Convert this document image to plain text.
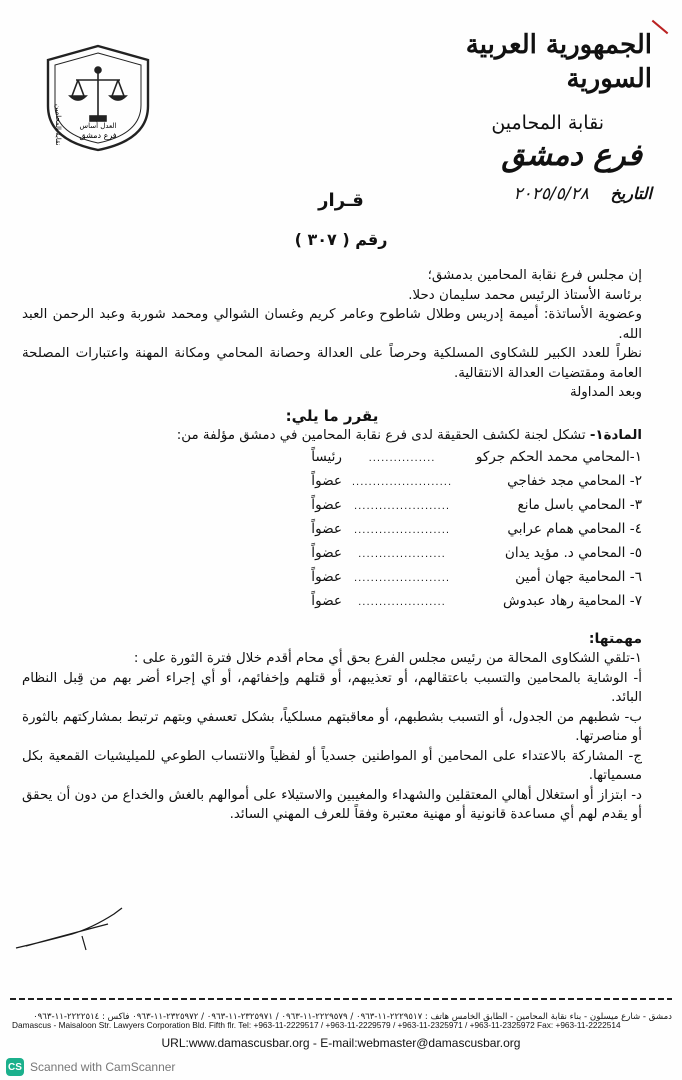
الجمهورية العربية السورية
نقابة المحامين
فرع دمشق
التاريخ    ٢٠٢٥/٥/٢٨
نقابة المحامين	العدل أساس
فرع دمشق
قـرار
رقم ( ٣٠٧ )

إن مجلس فرع نقابة المحامين بدمشق؛

برئاسة الأستاذ الرئيس محمد سليمان دحلا.

وعضوية الأساتذة: أميمة إدريس وطلال شاطوح وعامر كريم وغسان الشوالي ومحمد شوربة وعبد الرحمن العبد الله.

نظراً للعدد الكبير للشكاوى المسلكية وحرصاً على العدالة وحصانة المحامي ومكانة المهنة واعتبارات المصلحة العامة ومقتضيات العدالة الانتقالية.

وبعد المداولة

يقرر ما يلي:

المادة١- تشكل لجنة لكشف الحقيقة لدى فرع نقابة المحامين في دمشق مؤلفة من:

١-المحامي محمد الحكم جركو
................
رئيساً
٢- المحامي مجد خفاجي
........................
عضواً
٣- المحامي باسل مانع
.......................
عضواً
٤- المحامي همام عرابي
.......................
عضواً
٥- المحامي د. مؤيد يدان
.....................
عضواً
٦- المحامية جهان أمين
.......................
عضواً
٧- المحامية رهاد عبدوش
.....................
عضواً

مهمتها:

١-تلقي الشكاوى المحالة من رئيس مجلس الفرع بحق أي محام أقدم خلال فترة الثورة على :

أ- الوشاية بالمحامين والتسبب باعتقالهم، أو تعذيبهم، أو قتلهم وإخفائهم، أو أي إجراء أضر بهم من قِبل النظام البائد.

ب- شطبهم من الجدول، أو التسبب بشطبهم، أو معاقبتهم مسلكياً، بشكل تعسفي وبتهم ترتبط بمشاركتهم بالثورة أو مناصرتها.

ج- المشاركة بالاعتداء على المحامين أو المواطنين جسدياً أو لفظياً والانتساب الطوعي للميليشيات القمعية بكل مسمياتها.

د- ابتزاز أو استغلال أهالي المعتقلين والشهداء والمغيبين والاستيلاء على أموالهم بالغش والخداع من دون أن يحقق أو يقدم لهم أي مساعدة قانونية أو مهنية معتبرة وفقاً للعرف المهني السائد.

دمشق - شارع ميسلون - بناء نقابة المحامين - الطابق الخامس هاتف : ٢٢٢٩٥١٧-١١-٠٩٦٣ / ٢٢٢٩٥٧٩-١١-٠٩٦٣ / ٢٣٢٥٩٧١-١١-٠٩٦٣ / ٢٣٢٥٩٧٢-١١-٠٩٦٣ فاكس : ٢٢٢٢٥١٤-١١-٠٩٦٣
Damascus - Maisaloon Str. Lawyers Corporation Bld. Fifth flr. Tel: +963-11-2229517 / +963-11-2229579 / +963-11-2325971 / +963-11-2325972 Fax: +963-11-2222514
URL:www.damascusbar.org - E-mail:webmaster@damascusbar.org
CS Scanned with CamScanner
